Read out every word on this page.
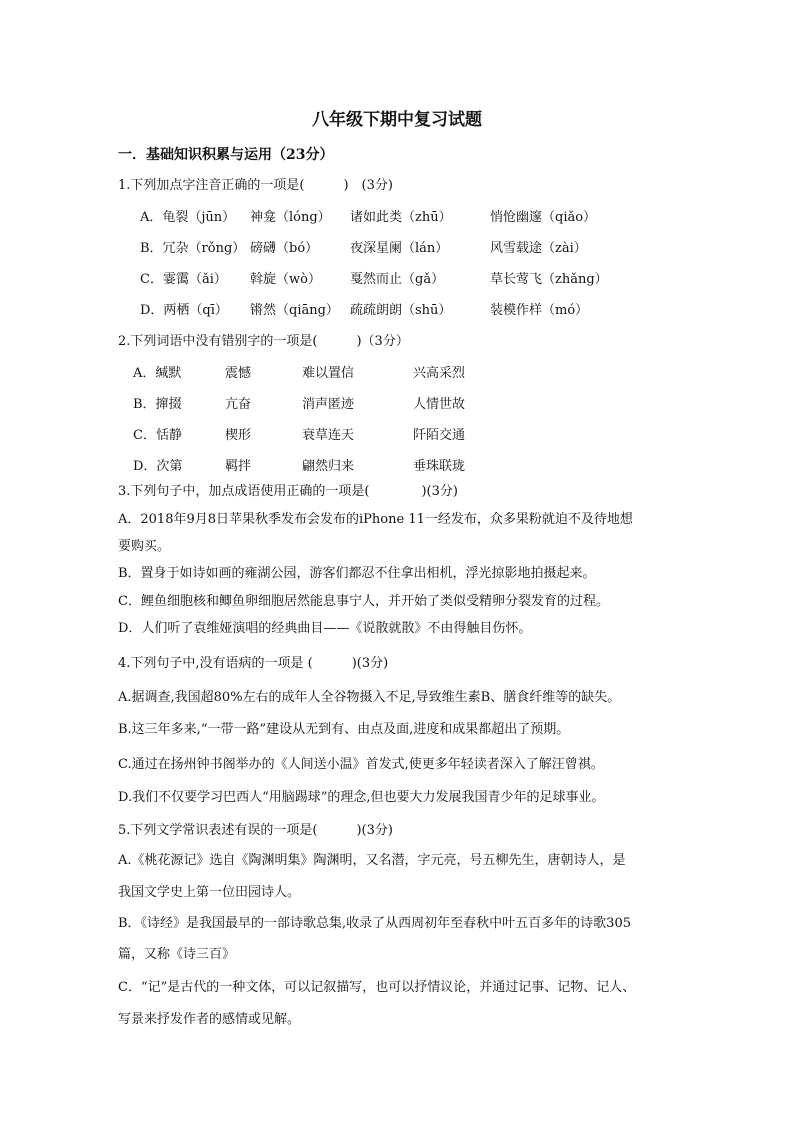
八年级下期中复习试题
一．基础知识积累与运用（23分）
1.下列加点字注音正确的一项是(　　　)　(3分)
A．龟裂（jūn） 神龛（lóng） 诸如此类（zhū）	悄怆幽邃（qiǎo）
B．冗杂（rǒng） 磅礴（bó） 夜深星阑（lán）	风雪载途（zài）
C．霎霭（ǎi） 斡旋（wò） 戛然而止（gǎ）	草长莺飞（zhǎng）
D．两栖（qī） 锵然（qiāng） 疏疏朗朗（shū）	装模作样（mó）
2.下列词语中没有错别字的一项是(　　　)（3分）
A．缄默	震憾	难以置信	兴高采烈
B．撺掇	亢奋	消声匿迹	人情世故
C．恬静	楔形	衰草连天	阡陌交通
D．次第	羁拌	翩然归来	垂珠联珑
3.下列句子中，加点成语使用正确的一项是(　　　　)(3分)
A．2018年9月8日苹果秋季发布会发布的iPhone 11一经发布，众多果粉就迫不及待地想
要购买。
B．置身于如诗如画的雍湖公园，游客们都忍不住拿出相机，浮光掠影地拍摄起来。
C．鲤鱼细胞核和鲫鱼卵细胞居然能息事宁人，并开始了类似受精卵分裂发育的过程。
D．人们听了袁维娅演唱的经典曲目——《说散就散》不由得触目伤怀。
4.下列句子中,没有语病的一项是 (　　　)(3分)
A.据调查,我国超80%左右的成年人全谷物摄入不足,导致维生素B、膳食纤维等的缺失。
B.这三年多来,“一带一路”建设从无到有、由点及面,进度和成果都超出了预期。
C.通过在扬州钟书阁举办的《人间送小温》首发式,使更多年轻读者深入了解汪曾祺。
D.我们不仅要学习巴西人“用脑踢球”的理念,但也要大力发展我国青少年的足球事业。
5.下列文学常识表述有误的一项是(　　　)(3分)
A.《桃花源记》选自《陶渊明集》陶渊明，又名潜，字元亮，号五柳先生，唐朝诗人，是
我国文学史上第一位田园诗人。
B．《诗经》是我国最早的一部诗歌总集,收录了从西周初年至春秋中叶五百多年的诗歌305
篇，又称《诗三百》
C．“记”是古代的一种文体，可以记叙描写，也可以抒情议论，并通过记事、记物、记人、
写景来抒发作者的感情或见解。
